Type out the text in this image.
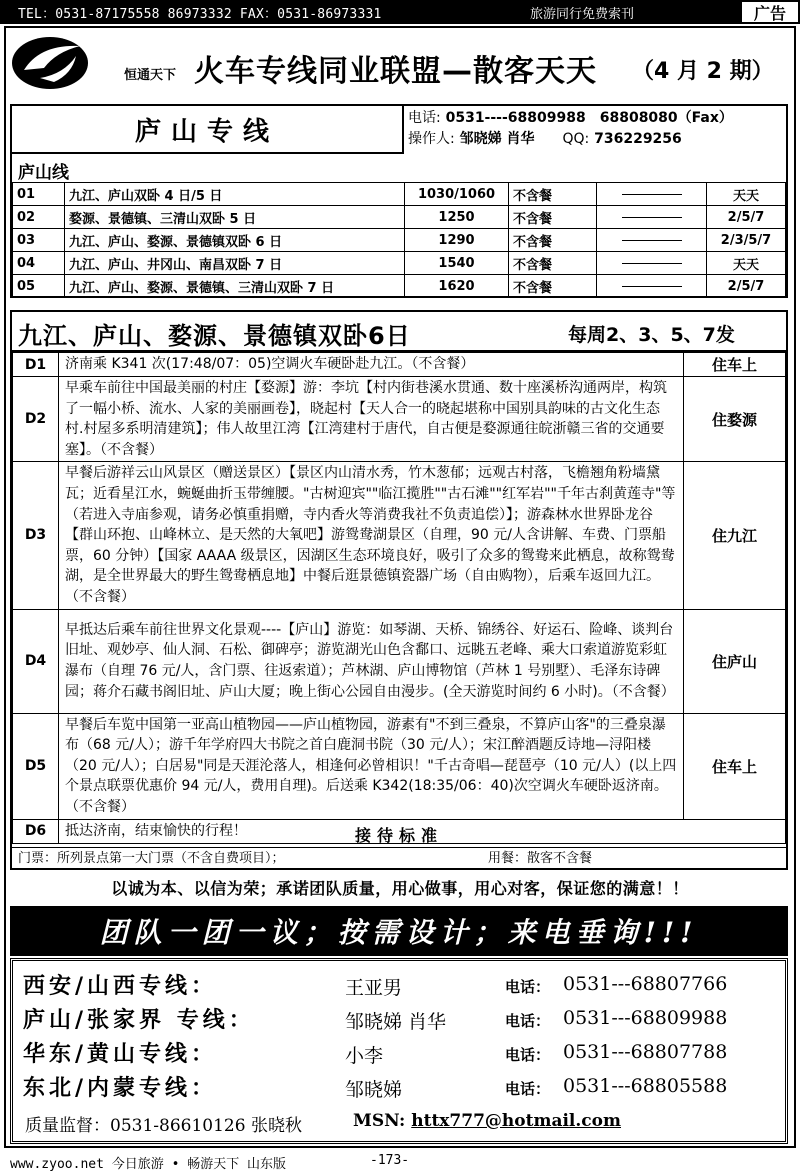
TEL：0531-87175558 86973332 FAX：0531-86973331	旅游同行免费索刊	广告
恒通天下 火车专线同业联盟—散客天天 （4 月 2 期）
庐山专线	电话: 0531----68809988　68808080（Fax）
操作人: 邹晓娣 肖华　　 QQ: 736229256
庐山线
01	九江、庐山双卧 4 日/5 日	1030/1060	不含餐		天天
02	婺源、景德镇、三清山双卧 5 日	1250	不含餐		2/5/7
03	九江、庐山、婺源、景德镇双卧 6 日	1290	不含餐		2/3/5/7
04	九江、庐山、井冈山、南昌双卧 7 日	1540	不含餐		天天
05	九江、庐山、婺源、景德镇、三清山双卧 7 日	1620	不含餐		2/5/7
九江、庐山、婺源、景德镇双卧6日	每周2、3、5、7发
D1	济南乘 K341 次(17:48/07：05)空调火车硬卧赴九江。（不含餐）	住车上
D2	早乘车前往中国最美丽的村庄【婺源】游：李坑【村内街巷溪水贯通、数十座溪桥沟通两岸，构筑了一幅小桥、流水、人家的美丽画卷】，晓起村【天人合一的晓起堪称中国别具韵味的古文化生态村.村屋多系明清建筑】；伟人故里江湾【江湾建村于唐代，自古便是婺源通往皖浙赣三省的交通要塞】。（不含餐）	住婺源
D3	早餐后游祥云山风景区（赠送景区）【景区内山清水秀，竹木葱郁；远观古村落，飞檐翘角粉墙黛瓦；近看星江水，蜿蜒曲折玉带缠腰。"古树迎宾""临江揽胜""古石滩""红军岩""千年古刹黄莲寺"等（若进入寺庙参观，请务必慎重捐赠，寺内香火等消费我社不负责追偿）】；游森林水世界卧龙谷【群山环抱、山峰林立、是天然的大氧吧】游鸳鸯湖景区（自理，90 元/人含讲解、车费、门票船票，60 分钟）【国家 AAAA 级景区，因湖区生态环境良好，吸引了众多的鸳鸯来此栖息，故称鸳鸯湖，是全世界最大的野生鸳鸯栖息地】中餐后逛景德镇瓷器广场（自由购物），后乘车返回九江。（不含餐）	住九江
D4	早抵达后乘车前往世界文化景观----【庐山】游览：如琴湖、天桥、锦绣谷、好运石、险峰、谈判台旧址、观妙亭、仙人洞、石松、御碑亭；游览湖光山色含鄱口、远眺五老峰、乘大口索道游览彩虹瀑布（自理 76 元/人，含门票、往返索道）；芦林湖、庐山博物馆（芦林 1 号别墅）、毛泽东诗碑园；蒋介石藏书阁旧址、庐山大厦；晚上街心公园自由漫步。(全天游览时间约 6 小时)。（不含餐）	住庐山
D5	早餐后车览中国第一亚高山植物园——庐山植物园，游素有"不到三叠泉，不算庐山客"的三叠泉瀑布（68 元/人）；游千年学府四大书院之首白鹿洞书院（30 元/人）；宋江醉酒题反诗地—浔阳楼（20 元/人）；白居易"同是天涯沦落人，相逢何必曾相识！"千古奇唱—琵琶亭（10 元/人）(以上四个景点联票优惠价 94 元/人，费用自理)。后送乘 K342(18:35/06：40)次空调火车硬卧返济南。（不含餐）	住车上
D6	抵达济南，结束愉快的行程！		接待标准
门票：所列景点第一大门票（不含自费项目）；	用餐：散客不含餐
以诚为本、以信为荣；承诺团队质量，用心做事，用心对客，保证您的满意！！
团队一团一议；按需设计；来电垂询!!!
西安/山西专线：	王亚男	电话： 0531---68807766
庐山/张家界 专线：	邹晓娣 肖华	电话： 0531---68809988
华东/黄山专线：	小李	电话： 0531---68807788
东北/内蒙专线：	邹晓娣	电话： 0531---68805588
质量监督：0531-86610126 张晓秋	MSN: httx777@hotmail.com
www.zyoo.net 今日旅游 • 畅游天下 山东版	-173-
